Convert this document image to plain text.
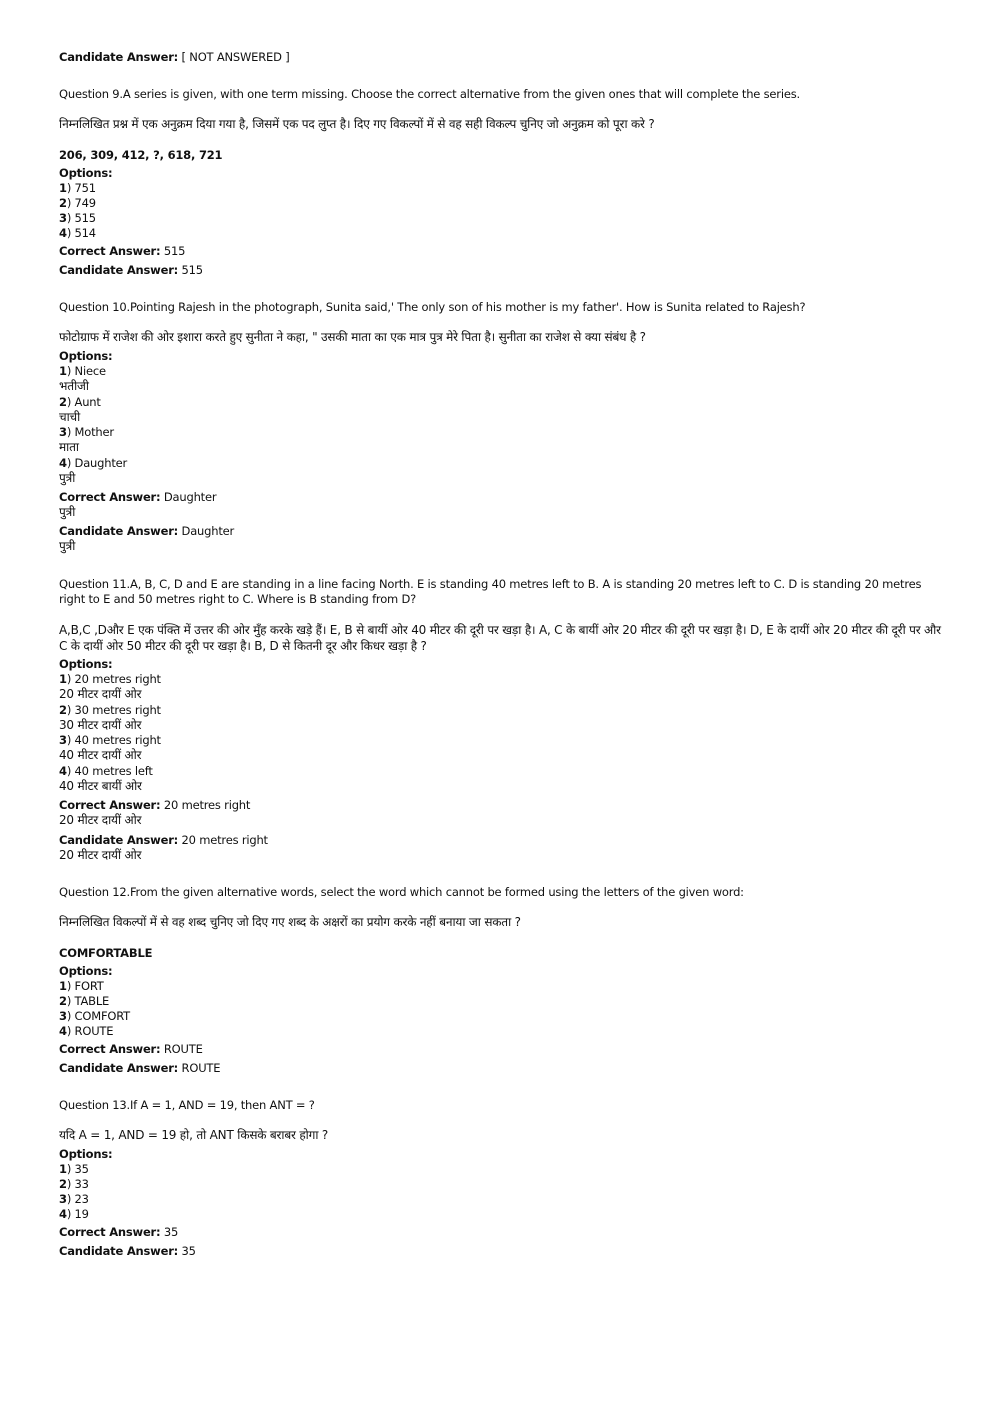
Candidate Answer: [ NOT ANSWERED ]
Question 9.A series is given, with one term missing. Choose the correct alternative from the given ones that will complete the series.
निम्नलिखित प्रश्न में एक अनुक्रम दिया गया है, जिसमें एक पद लुप्त है। दिए गए विकल्पों में से वह सही विकल्प चुनिए जो अनुक्रम को पूरा करे ?
206, 309, 412, ?, 618, 721
Options:
1) 751
2) 749
3) 515
4) 514
Correct Answer: 515
Candidate Answer: 515
Question 10.Pointing Rajesh in the photograph, Sunita said,' The only son of his mother is my father'. How is Sunita related to Rajesh?
फोटोग्राफ में राजेश की ओर इशारा करते हुए सुनीता ने कहा, " उसकी माता का एक मात्र पुत्र मेरे पिता है। सुनीता का राजेश से क्या संबंध है ?
Options:
1) Niece
भतीजी
2) Aunt
चाची
3) Mother
माता
4) Daughter
पुत्री
Correct Answer: Daughter
पुत्री
Candidate Answer: Daughter
पुत्री
Question 11.A, B, C, D and E are standing in a line facing North. E is standing 40 metres left to B. A is standing 20 metres left to C. D is standing 20 metres right to E and 50 metres right to C. Where is B standing from D?
A,B,C ,Dऔर E एक पंक्ति में उत्तर की ओर मुँह करके खड़े हैं। E, B से बायीं ओर 40 मीटर की दूरी पर खड़ा है। A, C के बायीं ओर 20 मीटर की दूरी पर खड़ा है। D, E के दायीं ओर 20 मीटर की दूरी पर और C के दायीं ओर 50 मीटर की दूरी पर खड़ा है। B, D से कितनी दूर और किधर खड़ा है ?
Options:
1) 20 metres right
20 मीटर दायीं ओर
2) 30 metres right
30 मीटर दायीं ओर
3) 40 metres right
40 मीटर दायीं ओर
4) 40 metres left
40 मीटर बायीं ओर
Correct Answer: 20 metres right
20 मीटर दायीं ओर
Candidate Answer: 20 metres right
20 मीटर दायीं ओर
Question 12.From the given alternative words, select the word which cannot be formed using the letters of the given word:
निम्नलिखित विकल्पों में से वह शब्द चुनिए जो दिए गए शब्द के अक्षरों का प्रयोग करके नहीं बनाया जा सकता ?
COMFORTABLE
Options:
1) FORT
2) TABLE
3) COMFORT
4) ROUTE
Correct Answer: ROUTE
Candidate Answer: ROUTE
Question 13.If A = 1, AND = 19, then ANT = ?
यदि A = 1, AND = 19 हो, तो ANT किसके बराबर होगा ?
Options:
1) 35
2) 33
3) 23
4) 19
Correct Answer: 35
Candidate Answer: 35
